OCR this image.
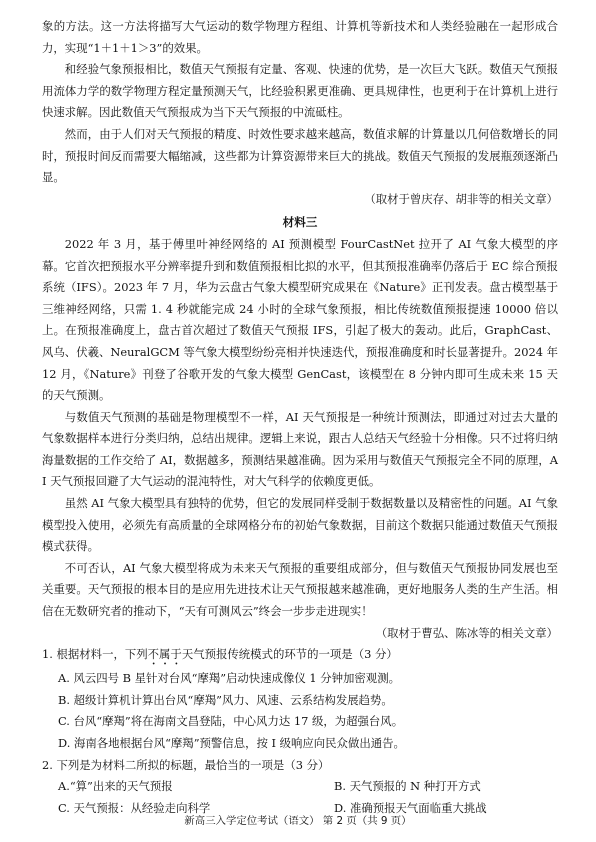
象的方法。这一方法将描写大气运动的数学物理方程组、计算机等新技术和人类经验融在一起形成合力，实现“1＋1＋1＞3”的效果。

和经验气象预报相比，数值天气预报有定量、客观、快速的优势，是一次巨大飞跃。数值天气预报用流体力学的数学物理方程定量预测天气，比经验积累更准确、更具规律性，也更利于在计算机上进行快速求解。因此数值天气预报成为当下天气预报的中流砥柱。

然而，由于人们对天气预报的精度、时效性要求越来越高，数值求解的计算量以几何倍数增长的同时，预报时间反而需要大幅缩减，这些都为计算资源带来巨大的挑战。数值天气预报的发展瓶颈逐渐凸显。

（取材于曾庆存、胡非等的相关文章）

材料三

2022 年 3 月，基于傅里叶神经网络的 AI 预测模型 FourCastNet 拉开了 AI 气象大模型的序幕。它首次把预报水平分辨率提升到和数值预报相比拟的水平，但其预报准确率仍落后于 EC 综合预报系统（IFS）。2023 年 7 月，华为云盘古气象大模型研究成果在《Nature》正刊发表。盘古模型基于三维神经网络，只需 1. 4 秒就能完成 24 小时的全球气象预报，相比传统数值预报提速 10000 倍以上。在预报准确度上，盘古首次超过了数值天气预报 IFS，引起了极大的轰动。此后，GraphCast、风乌、伏羲、NeuralGCM 等气象大模型纷纷亮相并快速迭代，预报准确度和时长显著提升。2024 年 12 月，《Nature》刊登了谷歌开发的气象大模型 GenCast，该模型在 8 分钟内即可生成未来 15 天的天气预测。

与数值天气预测的基础是物理模型不一样，AI 天气预报是一种统计预测法，即通过对过去大量的气象数据样本进行分类归纳，总结出规律。逻辑上来说，跟古人总结天气经验十分相像。只不过将归纳海量数据的工作交给了 AI，数据越多，预测结果越准确。因为采用与数值天气预报完全不同的原理，AI 天气预报回避了大气运动的混沌特性，对大气科学的依赖度更低。

虽然 AI 气象大模型具有独特的优势，但它的发展同样受制于数据数量以及精密性的问题。AI 气象模型投入使用，必须先有高质量的全球网格分布的初始气象数据，目前这个数据只能通过数值天气预报模式获得。

不可否认，AI 气象大模型将成为未来天气预报的重要组成部分，但与数值天气预报协同发展也至关重要。天气预报的根本目的是应用先进技术让天气预报越来越准确，更好地服务人类的生产生活。相信在无数研究者的推动下，“天有可测风云”终会一步步走进现实！

（取材于曹弘、陈冰等的相关文章）

1. 根据材料一，下列不属于天气预报传统模式的环节的一项是（3 分）

A. 风云四号 B 星针对台风“摩羯”启动快速成像仪 1 分钟加密观测。

B. 超级计算机计算出台风“摩羯”风力、风速、云系结构发展趋势。

C. 台风“摩羯”将在海南文昌登陆，中心风力达 17 级，为超强台风。

D. 海南各地根据台风“摩羯”预警信息，按 Ⅰ 级响应向民众做出通告。

2. 下列是为材料二所拟的标题，最恰当的一项是（3 分）

A.“算”出来的天气预报	B. 天气预报的 N 种打开方式

C. 天气预报：从经验走向科学	D. 准确预报天气面临重大挑战

新高三入学定位考试（语文） 第 2 页（共 9 页）
